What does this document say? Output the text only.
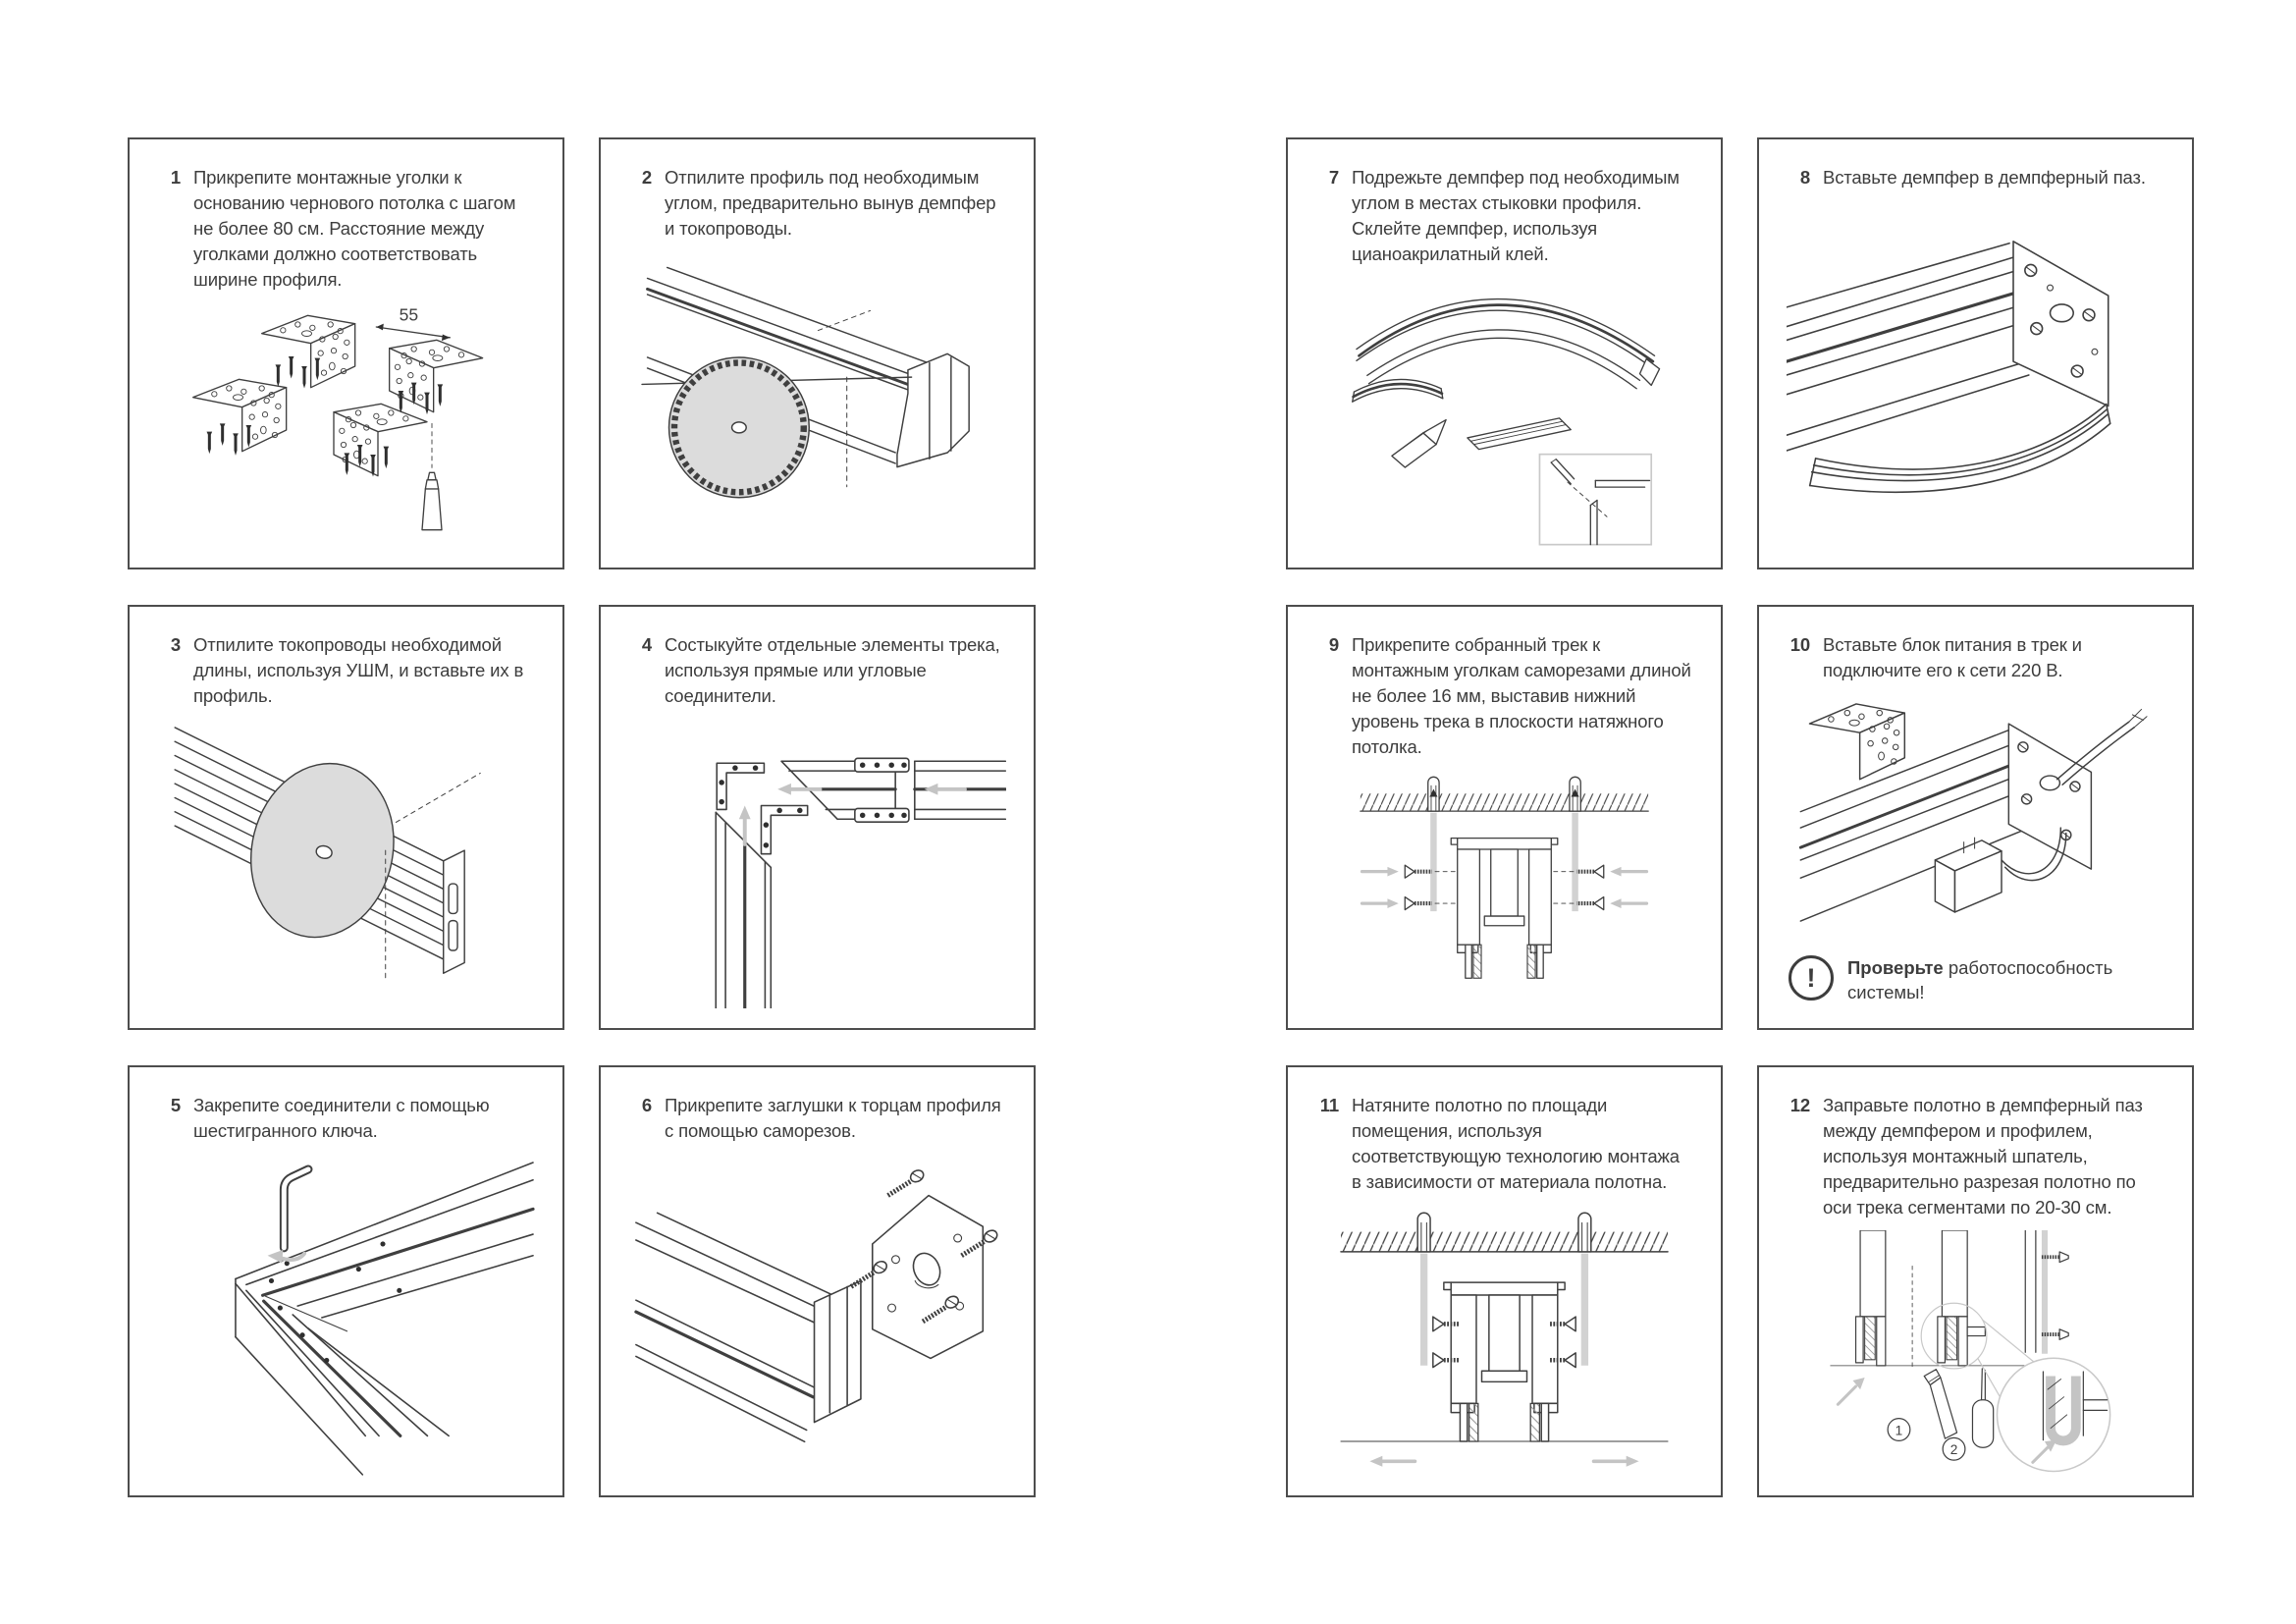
1 Прикрепите монтажные уголки к основанию чернового потолка с шагом не более 80 см. Расстояние между уголками должно соответствовать ширине профиля.
55
2 Отпилите профиль под необходимым углом, предварительно вынув демпфер и токопроводы.
3 Отпилите токопроводы необходимой длины, используя УШМ, и вставьте их в профиль.
4 Состыкуйте отдельные элементы трека, используя прямые или угловые соединители.
5 Закрепите соединители с помощью шестигранного ключа.
6 Прикрепите заглушки к торцам профиля с помощью саморезов.
7 Подрежьте демпфер под необходимым углом в местах стыковки профиля. Склейте демпфер, используя цианоакрилатный клей.
8 Вставьте демпфер в демпферный паз.
9 Прикрепите собранный трек к монтажным уголкам саморезами длиной не более 16 мм, выставив нижний уровень трека в плоскости натяжного потолка.
10 Вставьте блок питания в трек и подключите его к сети 220 В.
!	Проверьте работоспособность системы!
11 Натяните полотно по площади помещения, используя соответствующую технологию монтажа в зависимости от материала полотна.
12 Заправьте полотно в демпферный паз между демпфером и профилем, используя монтажный шпатель, предварительно разрезая полотно по оси трека сегментами по 20-30 см.
1
2
